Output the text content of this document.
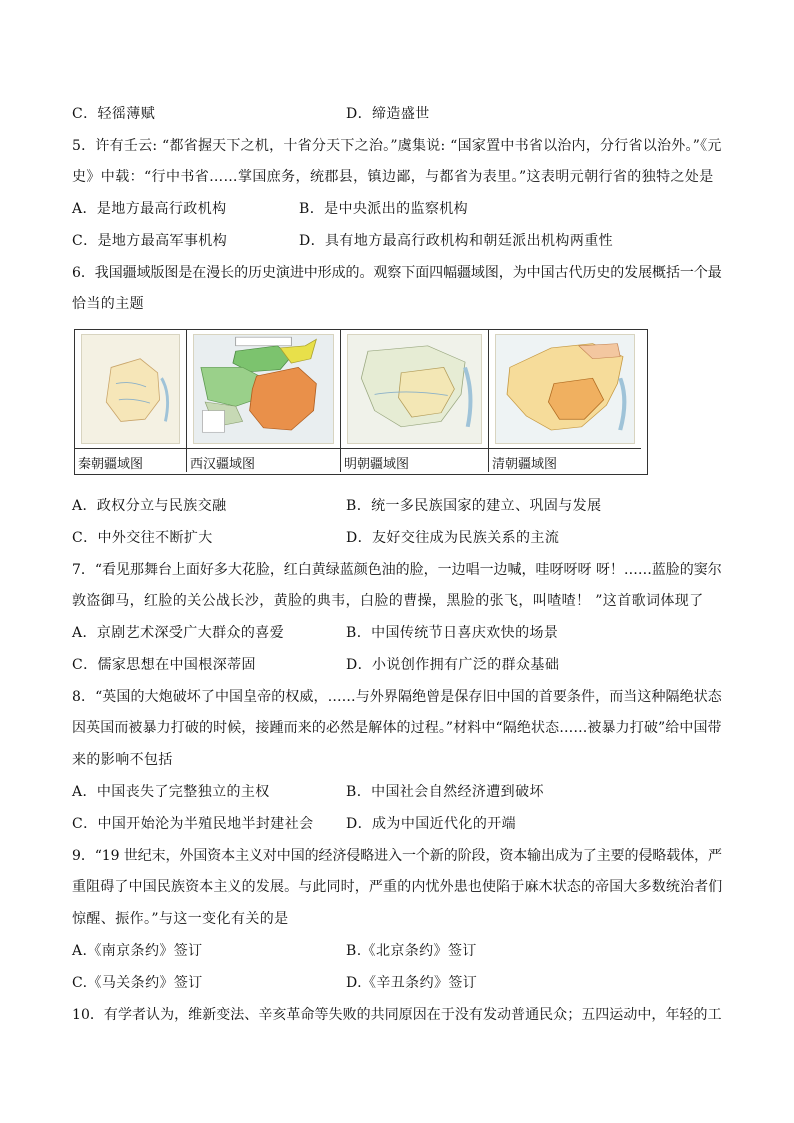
C．轻徭薄赋	D．缔造盛世
5．许有壬云: “都省握天下之机，十省分天下之治。”虞集说: “国家置中书省以治内，分行省以治外。”《元
史》中载：“行中书省……掌国庶务，统郡县，镇边鄙，与都省为表里。”这表明元朝行省的独特之处是
A．是地方最高行政机构	B．是中央派出的监察机构
C．是地方最高军事机构	D．具有地方最高行政机构和朝廷派出机构两重性
6．我国疆域版图是在漫长的历史演进中形成的。观察下面四幅疆域图，为中国古代历史的发展概括一个最
恰当的主题
秦朝疆域图	西汉疆域图	明朝疆域图	清朝疆域图
A．政权分立与民族交融	B．统一多民族国家的建立、巩固与发展
C．中外交往不断扩大	D．友好交往成为民族关系的主流
7．“看见那舞台上面好多大花脸，红白黄绿蓝颜色油的脸，一边唱一边喊，哇呀呀呀 呀！……蓝脸的窦尔
敦盗御马，红脸的关公战长沙，黄脸的典韦，白脸的曹操，黑脸的张飞，叫喳喳！ ”这首歌词体现了
A．京剧艺术深受广大群众的喜爱	B．中国传统节日喜庆欢快的场景
C．儒家思想在中国根深蒂固	D．小说创作拥有广泛的群众基础
8．“英国的大炮破坏了中国皇帝的权威，……与外界隔绝曾是保存旧中国的首要条件，而当这种隔绝状态
因英国而被暴力打破的时候，接踵而来的必然是解体的过程。”材料中“隔绝状态……被暴力打破”给中国带
来的影响不包括
A．中国丧失了完整独立的主权	B．中国社会自然经济遭到破坏
C．中国开始沦为半殖民地半封建社会 D．成为中国近代化的开端
9．“19 世纪末，外国资本主义对中国的经济侵略进入一个新的阶段，资本输出成为了主要的侵略载体，严
重阻碍了中国民族资本主义的发展。与此同时，严重的内忧外患也使陷于麻木状态的帝国大多数统治者们
惊醒、振作。”与这一变化有关的是
A.《南京条约》签订	B.《北京条约》签订
C.《马关条约》签订	D.《辛丑条约》签订
10．有学者认为，维新变法、辛亥革命等失败的共同原因在于没有发动普通民众；五四运动中，年轻的工
